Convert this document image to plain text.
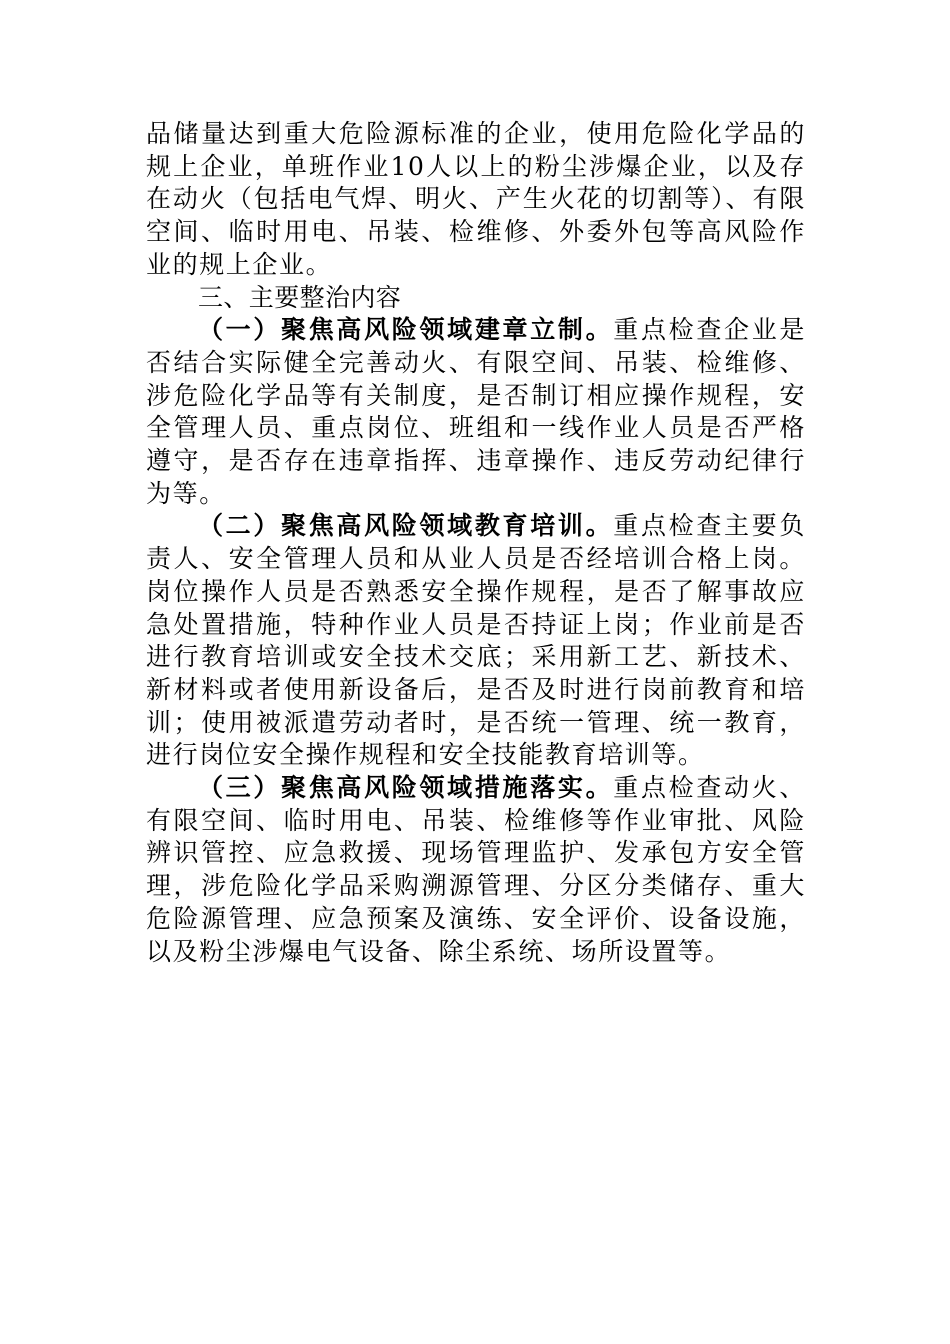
品储量达到重大危险源标准的企业，使用危险化学品的规上企业，单班作业10人以上的粉尘涉爆企业，以及存在动火（包括电气焊、明火、产生火花的切割等）、有限空间、临时用电、吊装、检维修、外委外包等高风险作业的规上企业。

三、主要整治内容

（一）聚焦高风险领域建章立制。重点检查企业是否结合实际健全完善动火、有限空间、吊装、检维修、涉危险化学品等有关制度，是否制订相应操作规程，安全管理人员、重点岗位、班组和一线作业人员是否严格遵守，是否存在违章指挥、违章操作、违反劳动纪律行为等。

（二）聚焦高风险领域教育培训。重点检查主要负责人、安全管理人员和从业人员是否经培训合格上岗。岗位操作人员是否熟悉安全操作规程，是否了解事故应急处置措施，特种作业人员是否持证上岗；作业前是否进行教育培训或安全技术交底；采用新工艺、新技术、新材料或者使用新设备后，是否及时进行岗前教育和培训；使用被派遣劳动者时，是否统一管理、统一教育，进行岗位安全操作规程和安全技能教育培训等。

（三）聚焦高风险领域措施落实。重点检查动火、有限空间、临时用电、吊装、检维修等作业审批、风险辨识管控、应急救援、现场管理监护、发承包方安全管理，涉危险化学品采购溯源管理、分区分类储存、重大危险源管理、应急预案及演练、安全评价、设备设施，以及粉尘涉爆电气设备、除尘系统、场所设置等。
